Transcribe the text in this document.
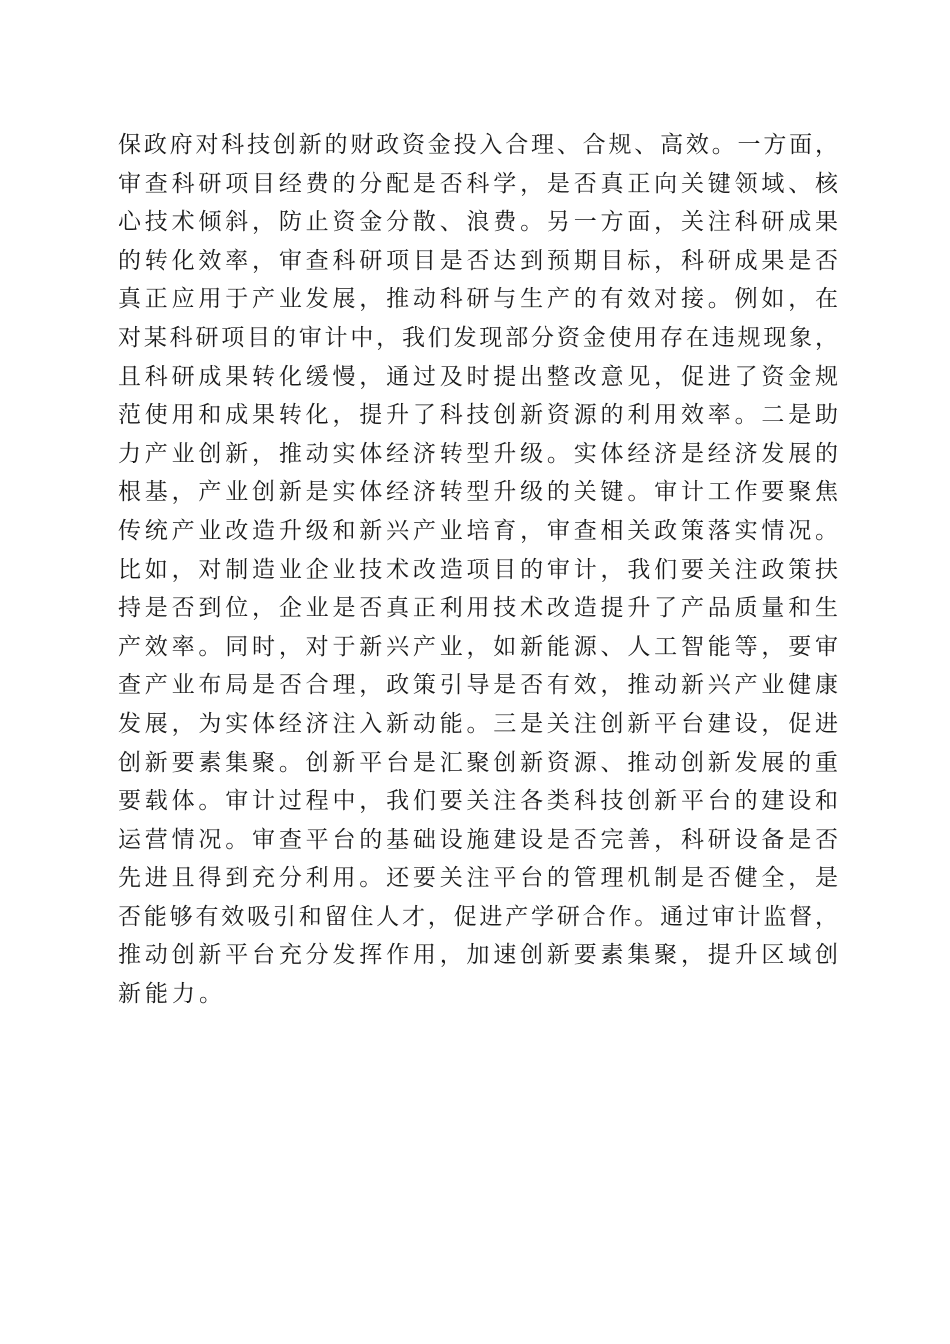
保政府对科技创新的财政资金投入合理、合规、高效。一方面，
审查科研项目经费的分配是否科学，是否真正向关键领域、核
心技术倾斜，防止资金分散、浪费。另一方面，关注科研成果
的转化效率，审查科研项目是否达到预期目标，科研成果是否
真正应用于产业发展，推动科研与生产的有效对接。例如，在
对某科研项目的审计中，我们发现部分资金使用存在违规现象，
且科研成果转化缓慢，通过及时提出整改意见，促进了资金规
范使用和成果转化，提升了科技创新资源的利用效率。二是助
力产业创新，推动实体经济转型升级。实体经济是经济发展的
根基，产业创新是实体经济转型升级的关键。审计工作要聚焦
传统产业改造升级和新兴产业培育，审查相关政策落实情况。
比如，对制造业企业技术改造项目的审计，我们要关注政策扶
持是否到位，企业是否真正利用技术改造提升了产品质量和生
产效率。同时，对于新兴产业，如新能源、人工智能等，要审
查产业布局是否合理，政策引导是否有效，推动新兴产业健康
发展，为实体经济注入新动能。三是关注创新平台建设，促进
创新要素集聚。创新平台是汇聚创新资源、推动创新发展的重
要载体。审计过程中，我们要关注各类科技创新平台的建设和
运营情况。审查平台的基础设施建设是否完善，科研设备是否
先进且得到充分利用。还要关注平台的管理机制是否健全，是
否能够有效吸引和留住人才，促进产学研合作。通过审计监督，
推动创新平台充分发挥作用，加速创新要素集聚，提升区域创
新能力。
